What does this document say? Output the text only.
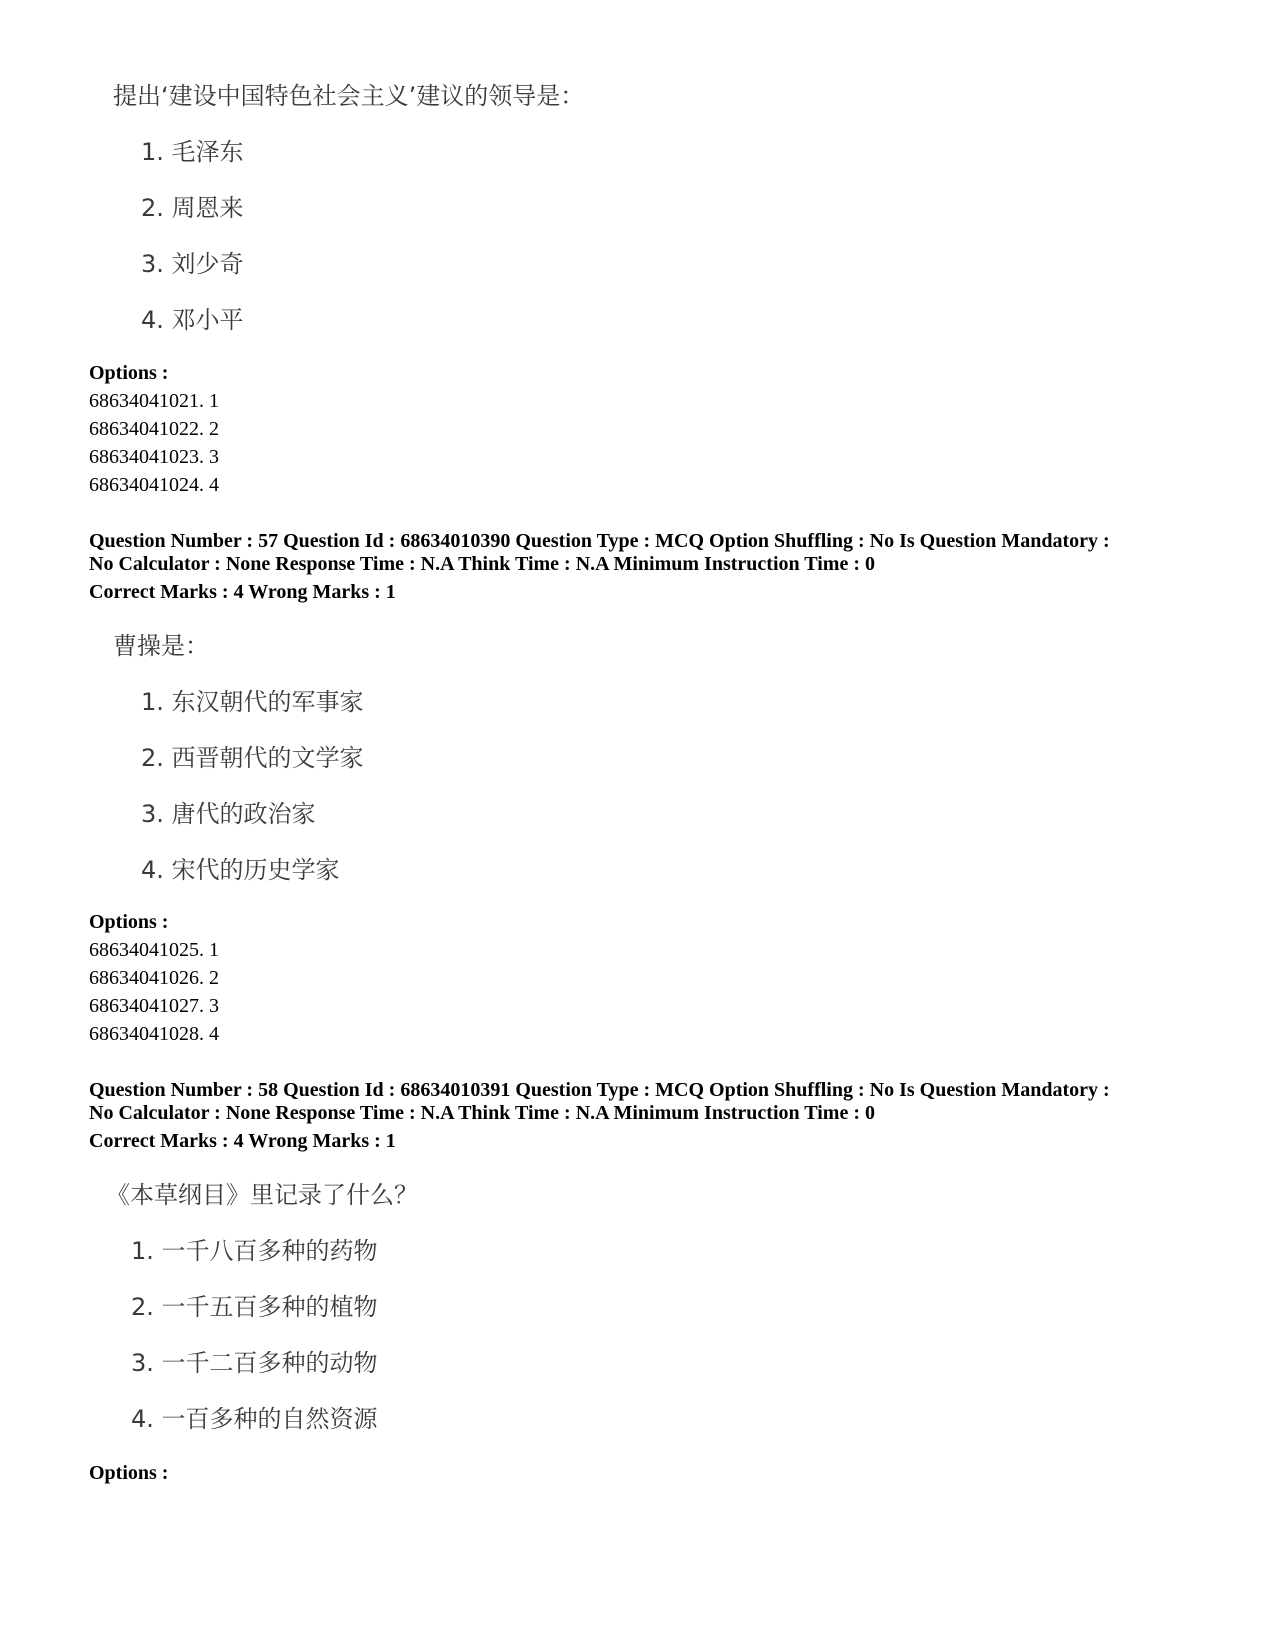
提出‘建设中国特色社会主义’建议的领导是：
1. 毛泽东
2. 周恩来
3. 刘少奇
4. 邓小平
Options :
68634041021. 1
68634041022. 2
68634041023. 3
68634041024. 4
Question Number : 57 Question Id : 68634010390 Question Type : MCQ Option Shuffling : No Is Question Mandatory :
No Calculator : None Response Time : N.A Think Time : N.A Minimum Instruction Time : 0
Correct Marks : 4 Wrong Marks : 1
曹操是：
1. 东汉朝代的军事家
2. 西晋朝代的文学家
3. 唐代的政治家
4. 宋代的历史学家
Options :
68634041025. 1
68634041026. 2
68634041027. 3
68634041028. 4
Question Number : 58 Question Id : 68634010391 Question Type : MCQ Option Shuffling : No Is Question Mandatory :
No Calculator : None Response Time : N.A Think Time : N.A Minimum Instruction Time : 0
Correct Marks : 4 Wrong Marks : 1
《本草纲目》里记录了什么？
1. 一千八百多种的药物
2. 一千五百多种的植物
3. 一千二百多种的动物
4. 一百多种的自然资源
Options :
